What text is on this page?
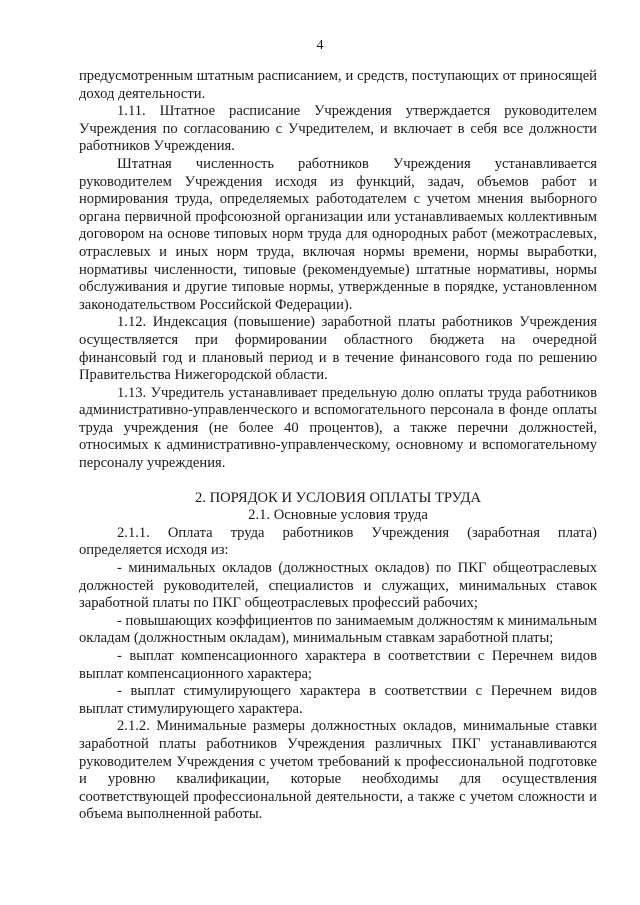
4

предусмотренным штатным расписанием, и средств, поступающих от приносящей доход деятельности.

1.11. Штатное расписание Учреждения утверждается руководителем Учреждения по согласованию с Учредителем, и включает в себя все должности работников Учреждения.

Штатная численность работников Учреждения устанавливается руководителем Учреждения исходя из функций, задач, объемов работ и нормирования труда, определяемых работодателем с учетом мнения выборного органа первичной профсоюзной организации или устанавливаемых коллективным договором на основе типовых норм труда для однородных работ (межотраслевых, отраслевых и иных норм труда, включая нормы времени, нормы выработки, нормативы численности, типовые (рекомендуемые) штатные нормативы, нормы обслуживания и другие типовые нормы, утвержденные в порядке, установленном законодательством Российской Федерации).

1.12. Индексация (повышение) заработной платы работников Учреждения осуществляется при формировании областного бюджета на очередной финансовый год и плановый период и в течение финансового года по решению Правительства Нижегородской области.

1.13. Учредитель устанавливает предельную долю оплаты труда работников административно-управленческого и вспомогательного персонала в фонде оплаты труда учреждения (не более 40 процентов), а также перечни должностей, относимых к административно-управленческому, основному и вспомогательному персоналу учреждения.

2. ПОРЯДОК И УСЛОВИЯ ОПЛАТЫ ТРУДА

2.1. Основные условия труда

2.1.1. Оплата труда работников Учреждения (заработная плата) определяется исходя из:

- минимальных окладов (должностных окладов) по ПКГ общеотраслевых должностей руководителей, специалистов и служащих, минимальных ставок заработной платы по ПКГ общеотраслевых профессий рабочих;

- повышающих коэффициентов по занимаемым должностям к минимальным окладам (должностным окладам), минимальным ставкам заработной платы;

- выплат компенсационного характера в соответствии с Перечнем видов выплат компенсационного характера;

- выплат стимулирующего характера в соответствии с Перечнем видов выплат стимулирующего характера.

2.1.2. Минимальные размеры должностных окладов, минимальные ставки заработной платы работников Учреждения различных ПКГ устанавливаются руководителем Учреждения с учетом требований к профессиональной подготовке и уровню квалификации, которые необходимы для осуществления соответствующей профессиональной деятельности, а также с учетом сложности и объема выполненной работы.
